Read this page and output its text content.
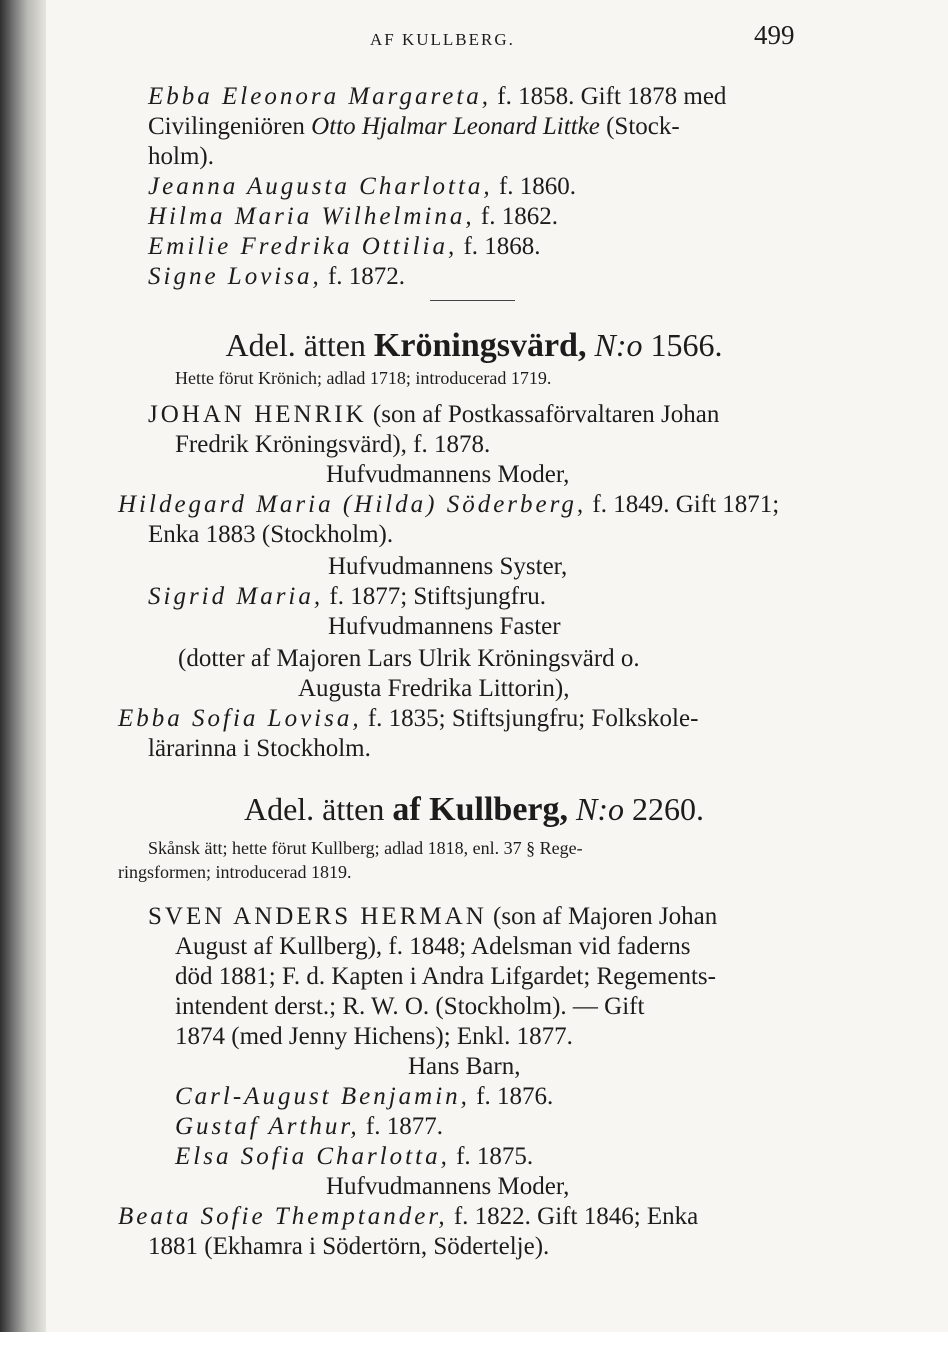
AF KULLBERG.	499
Ebba Eleonora Margareta, f. 1858. Gift 1878 med
Civilingeniören Otto Hjalmar Leonard Littke (Stock-
holm).
Jeanna Augusta Charlotta, f. 1860.
Hilma Maria Wilhelmina, f. 1862.
Emilie Fredrika Ottilia, f. 1868.
Signe Lovisa, f. 1872.
Adel. ätten Kröningsvärd, N:o 1566.
Hette förut Krönich; adlad 1718; introducerad 1719.
JOHAN HENRIK (son af Postkassaförvaltaren Johan
Fredrik Kröningsvärd), f. 1878.
Hufvudmannens Moder,
Hildegard Maria (Hilda) Söderberg, f. 1849. Gift 1871;
Enka 1883 (Stockholm).
Hufvudmannens Syster,
Sigrid Maria, f. 1877; Stiftsjungfru.
Hufvudmannens Faster
(dotter af Majoren Lars Ulrik Kröningsvärd o.
Augusta Fredrika Littorin),
Ebba Sofia Lovisa, f. 1835; Stiftsjungfru; Folkskole-
lärarinna i Stockholm.
Adel. ätten af Kullberg, N:o 2260.
Skånsk ätt; hette förut Kullberg; adlad 1818, enl. 37 § Rege-
ringsformen; introducerad 1819.
SVEN ANDERS HERMAN (son af Majoren Johan
August af Kullberg), f. 1848; Adelsman vid faderns
död 1881; F. d. Kapten i Andra Lifgardet; Regements-
intendent derst.; R. W. O. (Stockholm). — Gift
1874 (med Jenny Hichens); Enkl. 1877.
Hans Barn,
Carl-August Benjamin, f. 1876.
Gustaf Arthur, f. 1877.
Elsa Sofia Charlotta, f. 1875.
Hufvudmannens Moder,
Beata Sofie Themptander, f. 1822. Gift 1846; Enka
1881 (Ekhamra i Södertörn, Södertelje).
